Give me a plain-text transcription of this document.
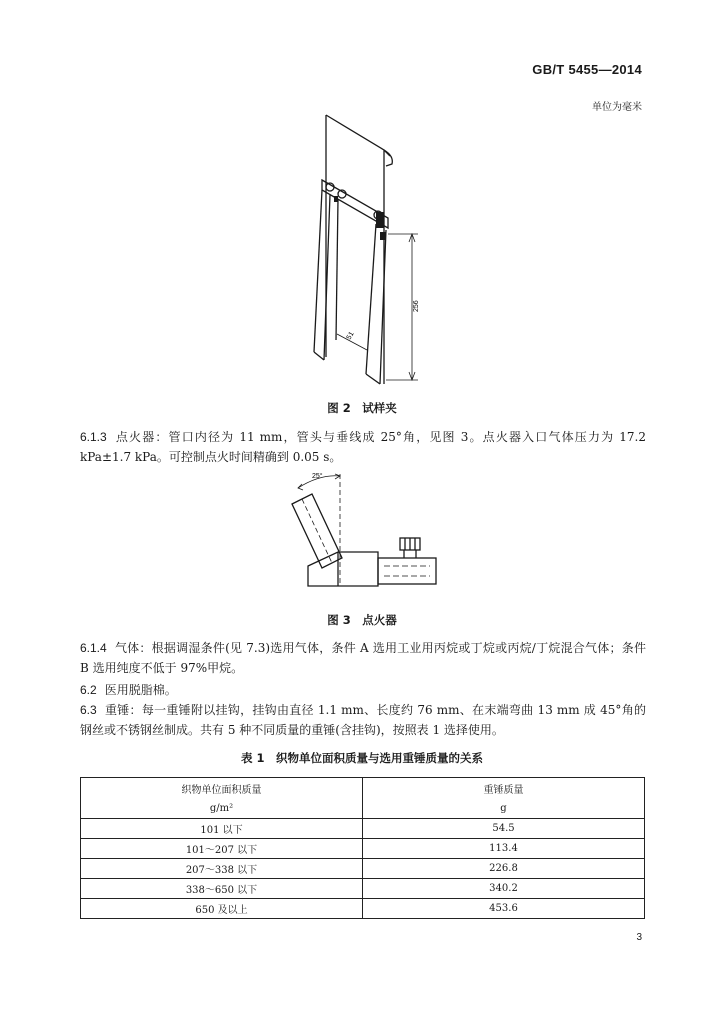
GB/T 5455—2014
单位为毫米
51
256
图 2　试样夹
6.1.3 点火器：管口内径为 11 mm，管头与垂线成 25°角，见图 3。点火器入口气体压力为 17.2 kPa±1.7 kPa。可控制点火时间精确到 0.05 s。
25°
图 3　点火器
6.1.4 气体：根据调湿条件(见 7.3)选用气体，条件 A 选用工业用丙烷或丁烷或丙烷/丁烷混合气体；条件 B 选用纯度不低于 97%甲烷。
6.2 医用脱脂棉。
6.3 重锤：每一重锤附以挂钩，挂钩由直径 1.1 mm、长度约 76 mm、在末端弯曲 13 mm 成 45°角的钢丝或不锈钢丝制成。共有 5 种不同质量的重锤(含挂钩)，按照表 1 选择使用。
表 1　织物单位面积质量与选用重锤质量的关系
织物单位面积质量	重锤质量
g/m²	g
101 以下	54.5
101～207 以下	113.4
207～338 以下	226.8
338～650 以下	340.2
650 及以上	453.6
3
